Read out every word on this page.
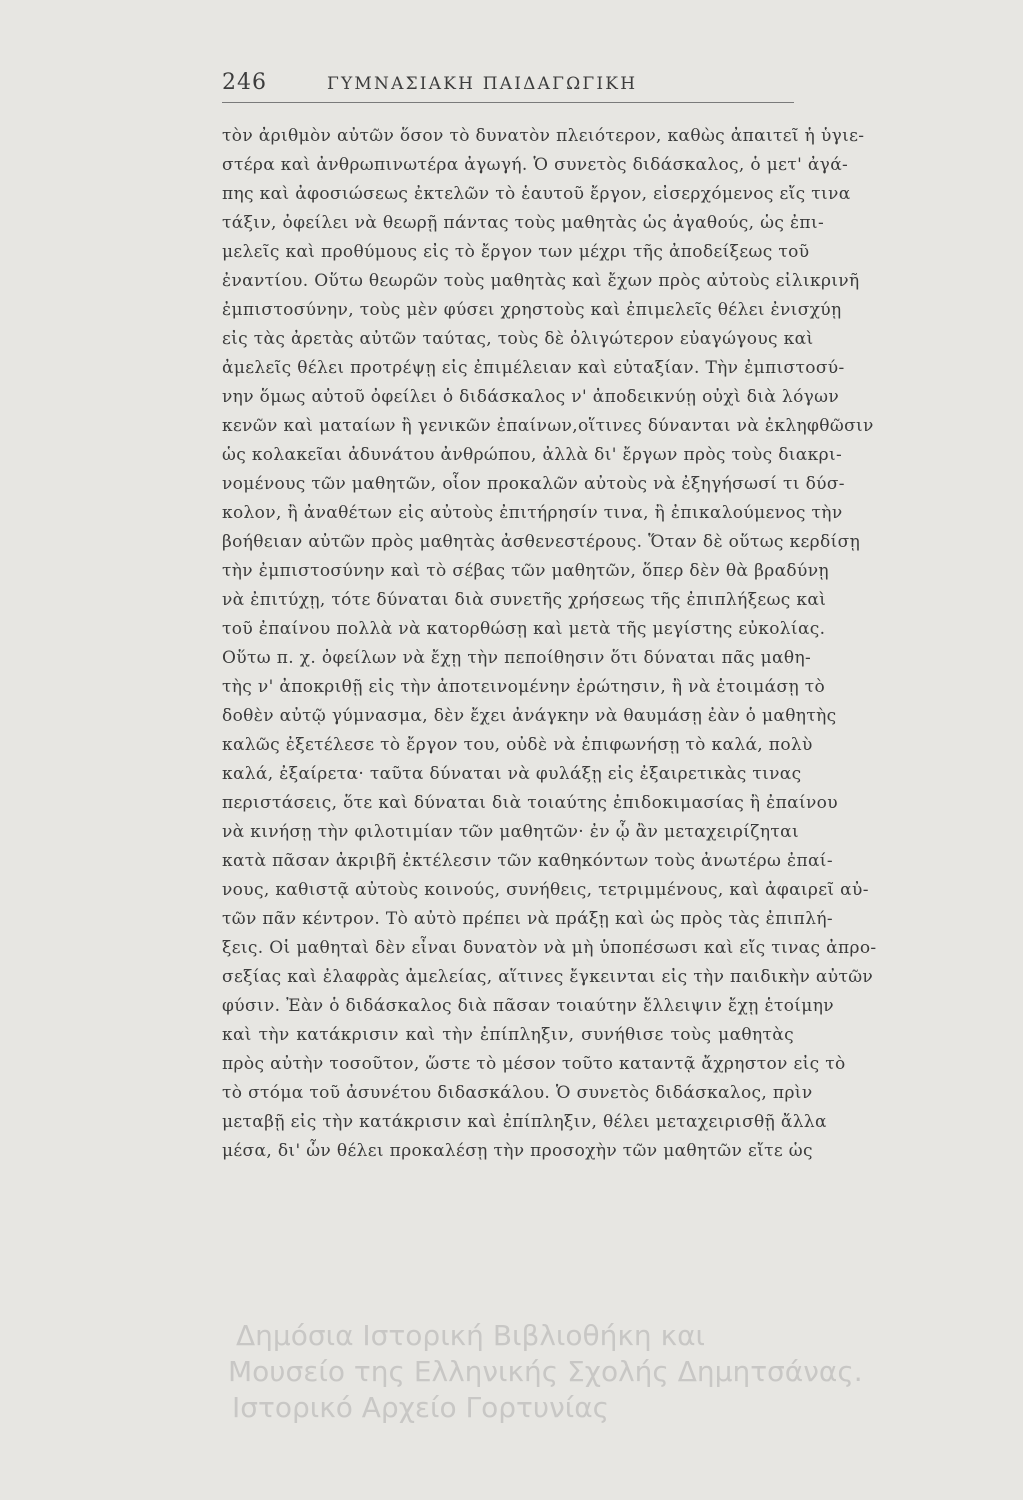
246	ΓΥΜΝΑΣΙΑΚΗ ΠΑΙΔΑΓΩΓΙΚΗ
τὸν ἀριθμὸν αὐτῶν ὅσον τὸ δυνατὸν πλειότερον, καθὼς ἀπαιτεῖ ἡ ὑγιε-
στέρα καὶ ἀνθρωπινωτέρα ἀγωγή. Ὁ συνετὸς διδάσκαλος, ὁ μετ' ἀγά-
πης καὶ ἀφοσιώσεως ἐκτελῶν τὸ ἑαυτοῦ ἔργον, εἰσερχόμενος εἴς τινα
τάξιν, ὀφείλει νὰ θεωρῇ πάντας τοὺς μαθητὰς ὡς ἀγαθούς, ὡς ἐπι-
μελεῖς καὶ προθύμους εἰς τὸ ἔργον των μέχρι τῆς ἀποδείξεως τοῦ
ἐναντίου. Οὕτω θεωρῶν τοὺς μαθητὰς καὶ ἔχων πρὸς αὐτοὺς εἰλικρινῆ
ἐμπιστοσύνην, τοὺς μὲν φύσει χρηστοὺς καὶ ἐπιμελεῖς θέλει ἐνισχύῃ
εἰς τὰς ἀρετὰς αὐτῶν ταύτας, τοὺς δὲ ὀλιγώτερον εὐαγώγους καὶ
ἀμελεῖς θέλει προτρέψῃ εἰς ἐπιμέλειαν καὶ εὐταξίαν. Τὴν ἐμπιστοσύ-
νην ὅμως αὐτοῦ ὀφείλει ὁ διδάσκαλος ν' ἀποδεικνύῃ οὐχὶ διὰ λόγων
κενῶν καὶ ματαίων ἢ γενικῶν ἐπαίνων,οἵτινες δύνανται νὰ ἐκληφθῶσιν
ὡς κολακεῖαι ἀδυνάτου ἀνθρώπου, ἀλλὰ δι' ἔργων πρὸς τοὺς διακρι-
νομένους τῶν μαθητῶν, οἷον προκαλῶν αὐτοὺς νὰ ἐξηγήσωσί τι δύσ-
κολον, ἢ ἀναθέτων εἰς αὐτοὺς ἐπιτήρησίν τινα, ἢ ἐπικαλούμενος τὴν
βοήθειαν αὐτῶν πρὸς μαθητὰς ἀσθενεστέρους. Ὅταν δὲ οὕτως κερδίσῃ
τὴν ἐμπιστοσύνην καὶ τὸ σέβας τῶν μαθητῶν, ὅπερ δὲν θὰ βραδύνῃ
νὰ ἐπιτύχῃ, τότε δύναται διὰ συνετῆς χρήσεως τῆς ἐπιπλήξεως καὶ
τοῦ ἐπαίνου πολλὰ νὰ κατορθώσῃ καὶ μετὰ τῆς μεγίστης εὐκολίας.
Οὕτω π. χ. ὀφείλων νὰ ἔχῃ τὴν πεποίθησιν ὅτι δύναται πᾶς μαθη-
τὴς ν' ἀποκριθῇ εἰς τὴν ἀποτεινομένην ἐρώτησιν, ἢ νὰ ἑτοιμάσῃ τὸ
δοθὲν αὐτῷ γύμνασμα, δὲν ἔχει ἀνάγκην νὰ θαυμάσῃ ἐὰν ὁ μαθητὴς
καλῶς ἐξετέλεσε τὸ ἔργον του, οὐδὲ νὰ ἐπιφωνήσῃ τὸ καλά, πολὺ
καλά, ἐξαίρετα· ταῦτα δύναται νὰ φυλάξῃ εἰς ἐξαιρετικὰς τινας
περιστάσεις, ὅτε καὶ δύναται διὰ τοιαύτης ἐπιδοκιμασίας ἢ ἐπαίνου
νὰ κινήσῃ τὴν φιλοτιμίαν τῶν μαθητῶν· ἐν ᾧ ἂν μεταχειρίζηται
κατὰ πᾶσαν ἀκριβῆ ἐκτέλεσιν τῶν καθηκόντων τοὺς ἀνωτέρω ἐπαί-
νους, καθιστᾷ αὐτοὺς κοινούς, συνήθεις, τετριμμένους, καὶ ἀφαιρεῖ αὐ-
τῶν πᾶν κέντρον. Τὸ αὐτὸ πρέπει νὰ πράξῃ καὶ ὡς πρὸς τὰς ἐπιπλή-
ξεις. Οἱ μαθηταὶ δὲν εἶναι δυνατὸν νὰ μὴ ὑποπέσωσι καὶ εἴς τινας ἀπρο-
σεξίας καὶ ἐλαφρὰς ἀμελείας, αἵτινες ἔγκεινται εἰς τὴν παιδικὴν αὐτῶν
φύσιν. Ἐὰν ὁ διδάσκαλος διὰ πᾶσαν τοιαύτην ἔλλειψιν ἔχῃ ἑτοίμην
καὶ τὴν κατάκρισιν καὶ τὴν ἐπίπληξιν, συνήθισε τοὺς μαθητὰς
πρὸς αὐτὴν τοσοῦτον, ὥστε τὸ μέσον τοῦτο καταντᾷ ἄχρηστον εἰς τὸ
τὸ στόμα τοῦ ἀσυνέτου διδασκάλου. Ὁ συνετὸς διδάσκαλος, πρὶν
μεταβῇ εἰς τὴν κατάκρισιν καὶ ἐπίπληξιν, θέλει μεταχειρισθῇ ἄλλα
μέσα, δι' ὧν θέλει προκαλέσῃ τὴν προσοχὴν τῶν μαθητῶν εἴτε ὡς
Δημόσια Ιστορική Βιβλιοθήκη και
Μουσείο της Ελληνικής Σχολής Δημητσάνας.
Ιστορικό Αρχείο Γορτυνίας
